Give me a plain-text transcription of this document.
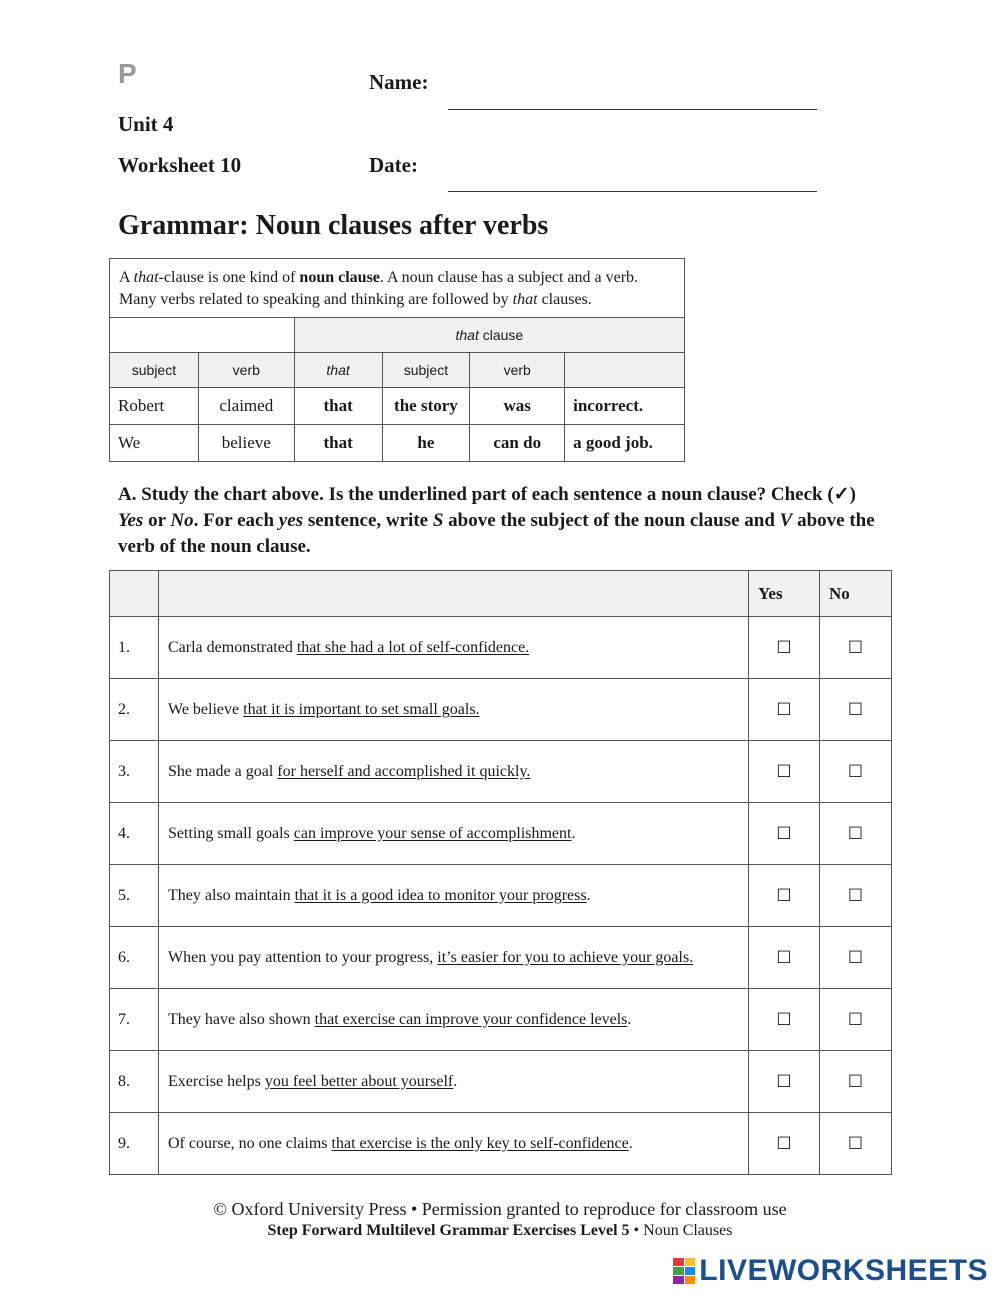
P
Unit 4
Worksheet 10
Name:
Date:
Grammar: Noun clauses after verbs
A that-clause is one kind of noun clause. A noun clause has a subject and a verb. Many verbs related to speaking and thinking are followed by that clauses.					
		that clause			
subject	verb	that	subject	verb	
Robert	claimed	that	the story	was	incorrect.
We	believe	that	he	can do	a good job.
A. Study the chart above. Is the underlined part of each sentence a noun clause? Check (✓) Yes or No. For each yes sentence, write S above the subject of the noun clause and V above the verb of the noun clause.
		Yes	No
1.	Carla demonstrated that she had a lot of self-confidence.	☐	☐
2.	We believe that it is important to set small goals.	☐	☐
3.	She made a goal for herself and accomplished it quickly.	☐	☐
4.	Setting small goals can improve your sense of accomplishment.	☐	☐
5.	They also maintain that it is a good idea to monitor your progress.	☐	☐
6.	When you pay attention to your progress, it’s easier for you to achieve your goals.	☐	☐
7.	They have also shown that exercise can improve your confidence levels.	☐	☐
8.	Exercise helps you feel better about yourself.	☐	☐
9.	Of course, no one claims that exercise is the only key to self-confidence.	☐	☐
© Oxford University Press • Permission granted to reproduce for classroom use
Step Forward Multilevel Grammar Exercises Level 5 • Noun Clauses
LIVEWORKSHEETS
